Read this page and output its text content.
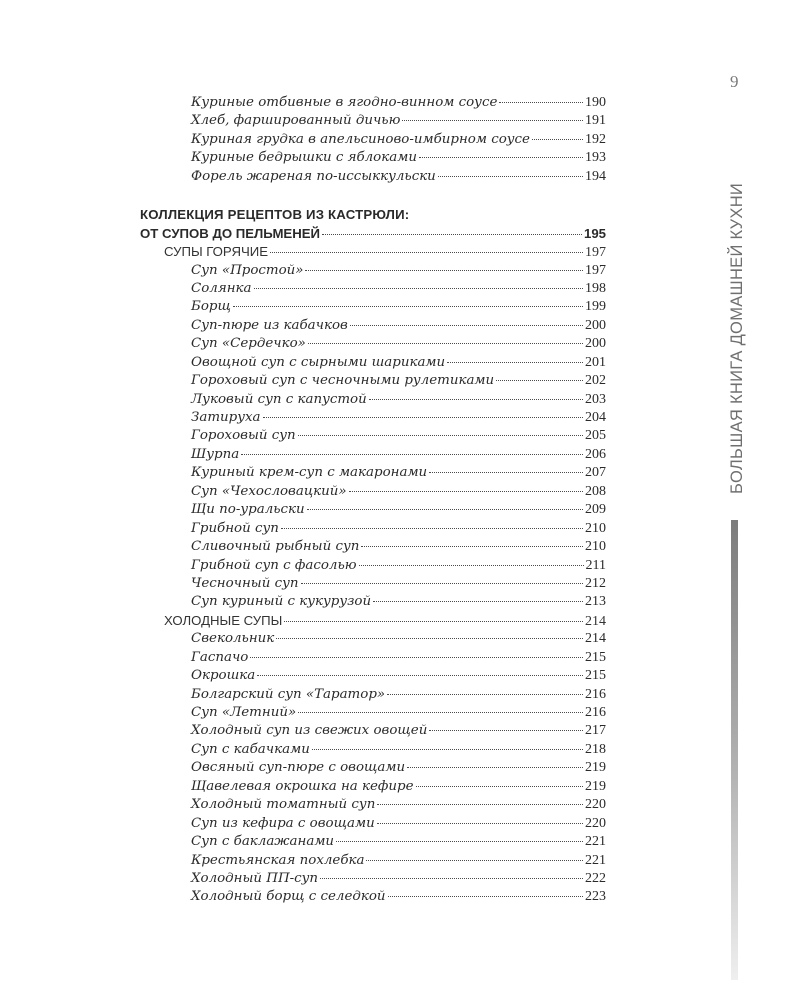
9
БОЛЬШАЯ КНИГА ДОМАШНЕЙ КУХНИ
Куриные отбивные в ягодно-винном соусе	190
Хлеб, фаршированный дичью	191
Куриная грудка в апельсиново-имбирном соусе	192
Куриные бедрышки с яблоками	193
Форель жареная по-иссыккульски	194
КОЛЛЕКЦИЯ РЕЦЕПТОВ ИЗ КАСТРЮЛИ:
ОТ СУПОВ ДО ПЕЛЬМЕНЕЙ	195
СУПЫ ГОРЯЧИЕ	197
Суп «Простой»	197
Солянка	198
Борщ	199
Суп-пюре из кабачков	200
Суп «Сердечко»	200
Овощной суп с сырными шариками	201
Гороховый суп с чесночными рулетиками	202
Луковый суп с капустой	203
Затируха	204
Гороховый суп	205
Шурпа	206
Куриный крем-суп с макаронами	207
Суп «Чехословацкий»	208
Щи по-уральски	209
Грибной суп	210
Сливочный рыбный суп	210
Грибной суп с фасолью	211
Чесночный суп	212
Суп куриный с кукурузой	213
ХОЛОДНЫЕ СУПЫ	214
Свекольник	214
Гаспачо	215
Окрошка	215
Болгарский суп «Таратор»	216
Суп «Летний»	216
Холодный суп из свежих овощей	217
Суп с кабачками	218
Овсяный суп-пюре с овощами	219
Щавелевая окрошка на кефире	219
Холодный томатный суп	220
Суп из кефира с овощами	220
Суп с баклажанами	221
Крестьянская похлебка	221
Холодный ПП-суп	222
Холодный борщ с селедкой	223
